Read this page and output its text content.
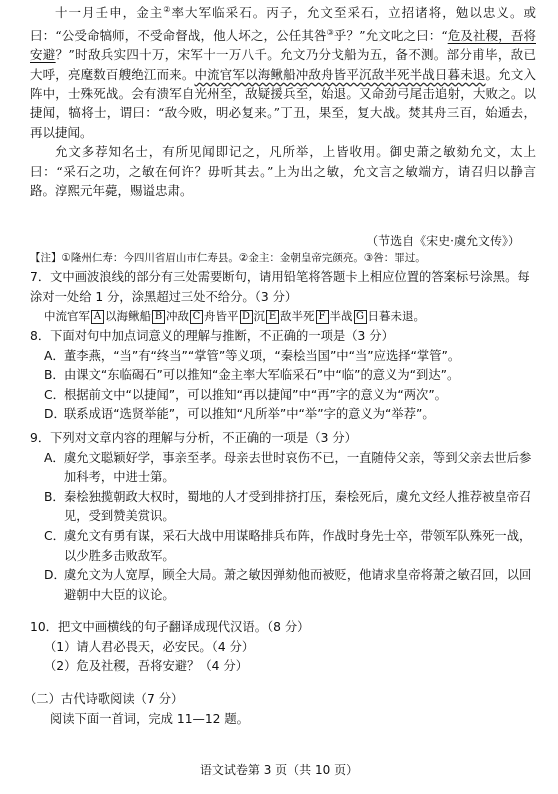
十一月壬申，金主②率大军临采石。丙子，允文至采石，立招诸将，勉以忠义。或曰：“公受命犒师，不受命督战，他人坏之，公任其咎③乎？”允文叱之曰：“危及社稷，吾将安避？”时敌兵实四十万，宋军十一万八千。允文乃分戈船为五，备不测。部分甫毕，敌已大呼，亮麾数百艘绝江而来。中流官军以海鳅船冲敌舟皆平沉敌半死半战日暮未退。允文入阵中，士殊死战。会有溃军自光州至，敌疑援兵至，始退。又命劲弓尾击追射，大败之。以捷闻，犒将士，谓曰：“敌今败，明必复来。”丁丑，果至，复大战。焚其舟三百，始遁去，再以捷闻。

允文多荐知名士，有所见闻即记之，凡所举，上皆收用。御史萧之敏劾允文，太上曰：“采石之功，之敏在何许？毋听其去。”上为出之敏，允文言之敏端方，请召归以静言路。淳熙元年薨，赐谥忠肃。

（节选自《宋史·虞允文传》）
【注】①隆州仁寿：今四川省眉山市仁寿县。②金主：金朝皇帝完颜亮。③咎：罪过。

7．文中画波浪线的部分有三处需要断句，请用铅笔将答题卡上相应位置的答案标号涂黑。每涂对一处给 1 分，涂黑超过三处不给分。（3 分）

中流官军 A 以海鳅船 B 冲敌 C 舟皆平 D 沉 E 敌半死 F 半战 G 日暮未退。

8．下面对句中加点词意义的理解与推断，不正确的一项是（3 分）

A． 董李燕，“当”有“终当”“掌管”等义项，“秦桧当国”中“当”应选择“掌管”。
B． 由课文“东临碣石”可以推知“金主率大军临采石”中“临”的意义为“到达”。
C． 根据前文中“以捷闻”，可以推知“再以捷闻”中“再”字的意义为“两次”。
D．
联系成语“选贤举能”，可以推知“凡所举”中“举”字的意义为“举荐”。

9．下列对文章内容的理解与分析，不正确的一项是（3 分）

A． 虞允文聪颖好学，事亲至孝。母亲去世时哀伤不已，一直随侍父亲，等到父亲去世后参加科考，中进士第。
B． 秦桧独揽朝政大权时，蜀地的人才受到排挤打压，秦桧死后，虞允文经人推荐被皇帝召见，受到赞美赏识。
C． 虞允文有勇有谋，采石大战中用谋略排兵布阵，作战时身先士卒，带领军队殊死一战，以少胜多击败敌军。
D．
虞允文为人宽厚，顾全大局。萧之敏因弹劾他而被贬，他请求皇帝将萧之敏召回，以回避朝中大臣的议论。

10．把文中画横线的句子翻译成现代汉语。（8 分）

（1）请人君必畏天，必安民。（4 分）

（2）危及社稷，吾将安避？（4 分）

（二）古代诗歌阅读（7 分）

阅读下面一首词，完成 11—12 题。

语文试卷第 3 页（共 10 页）
